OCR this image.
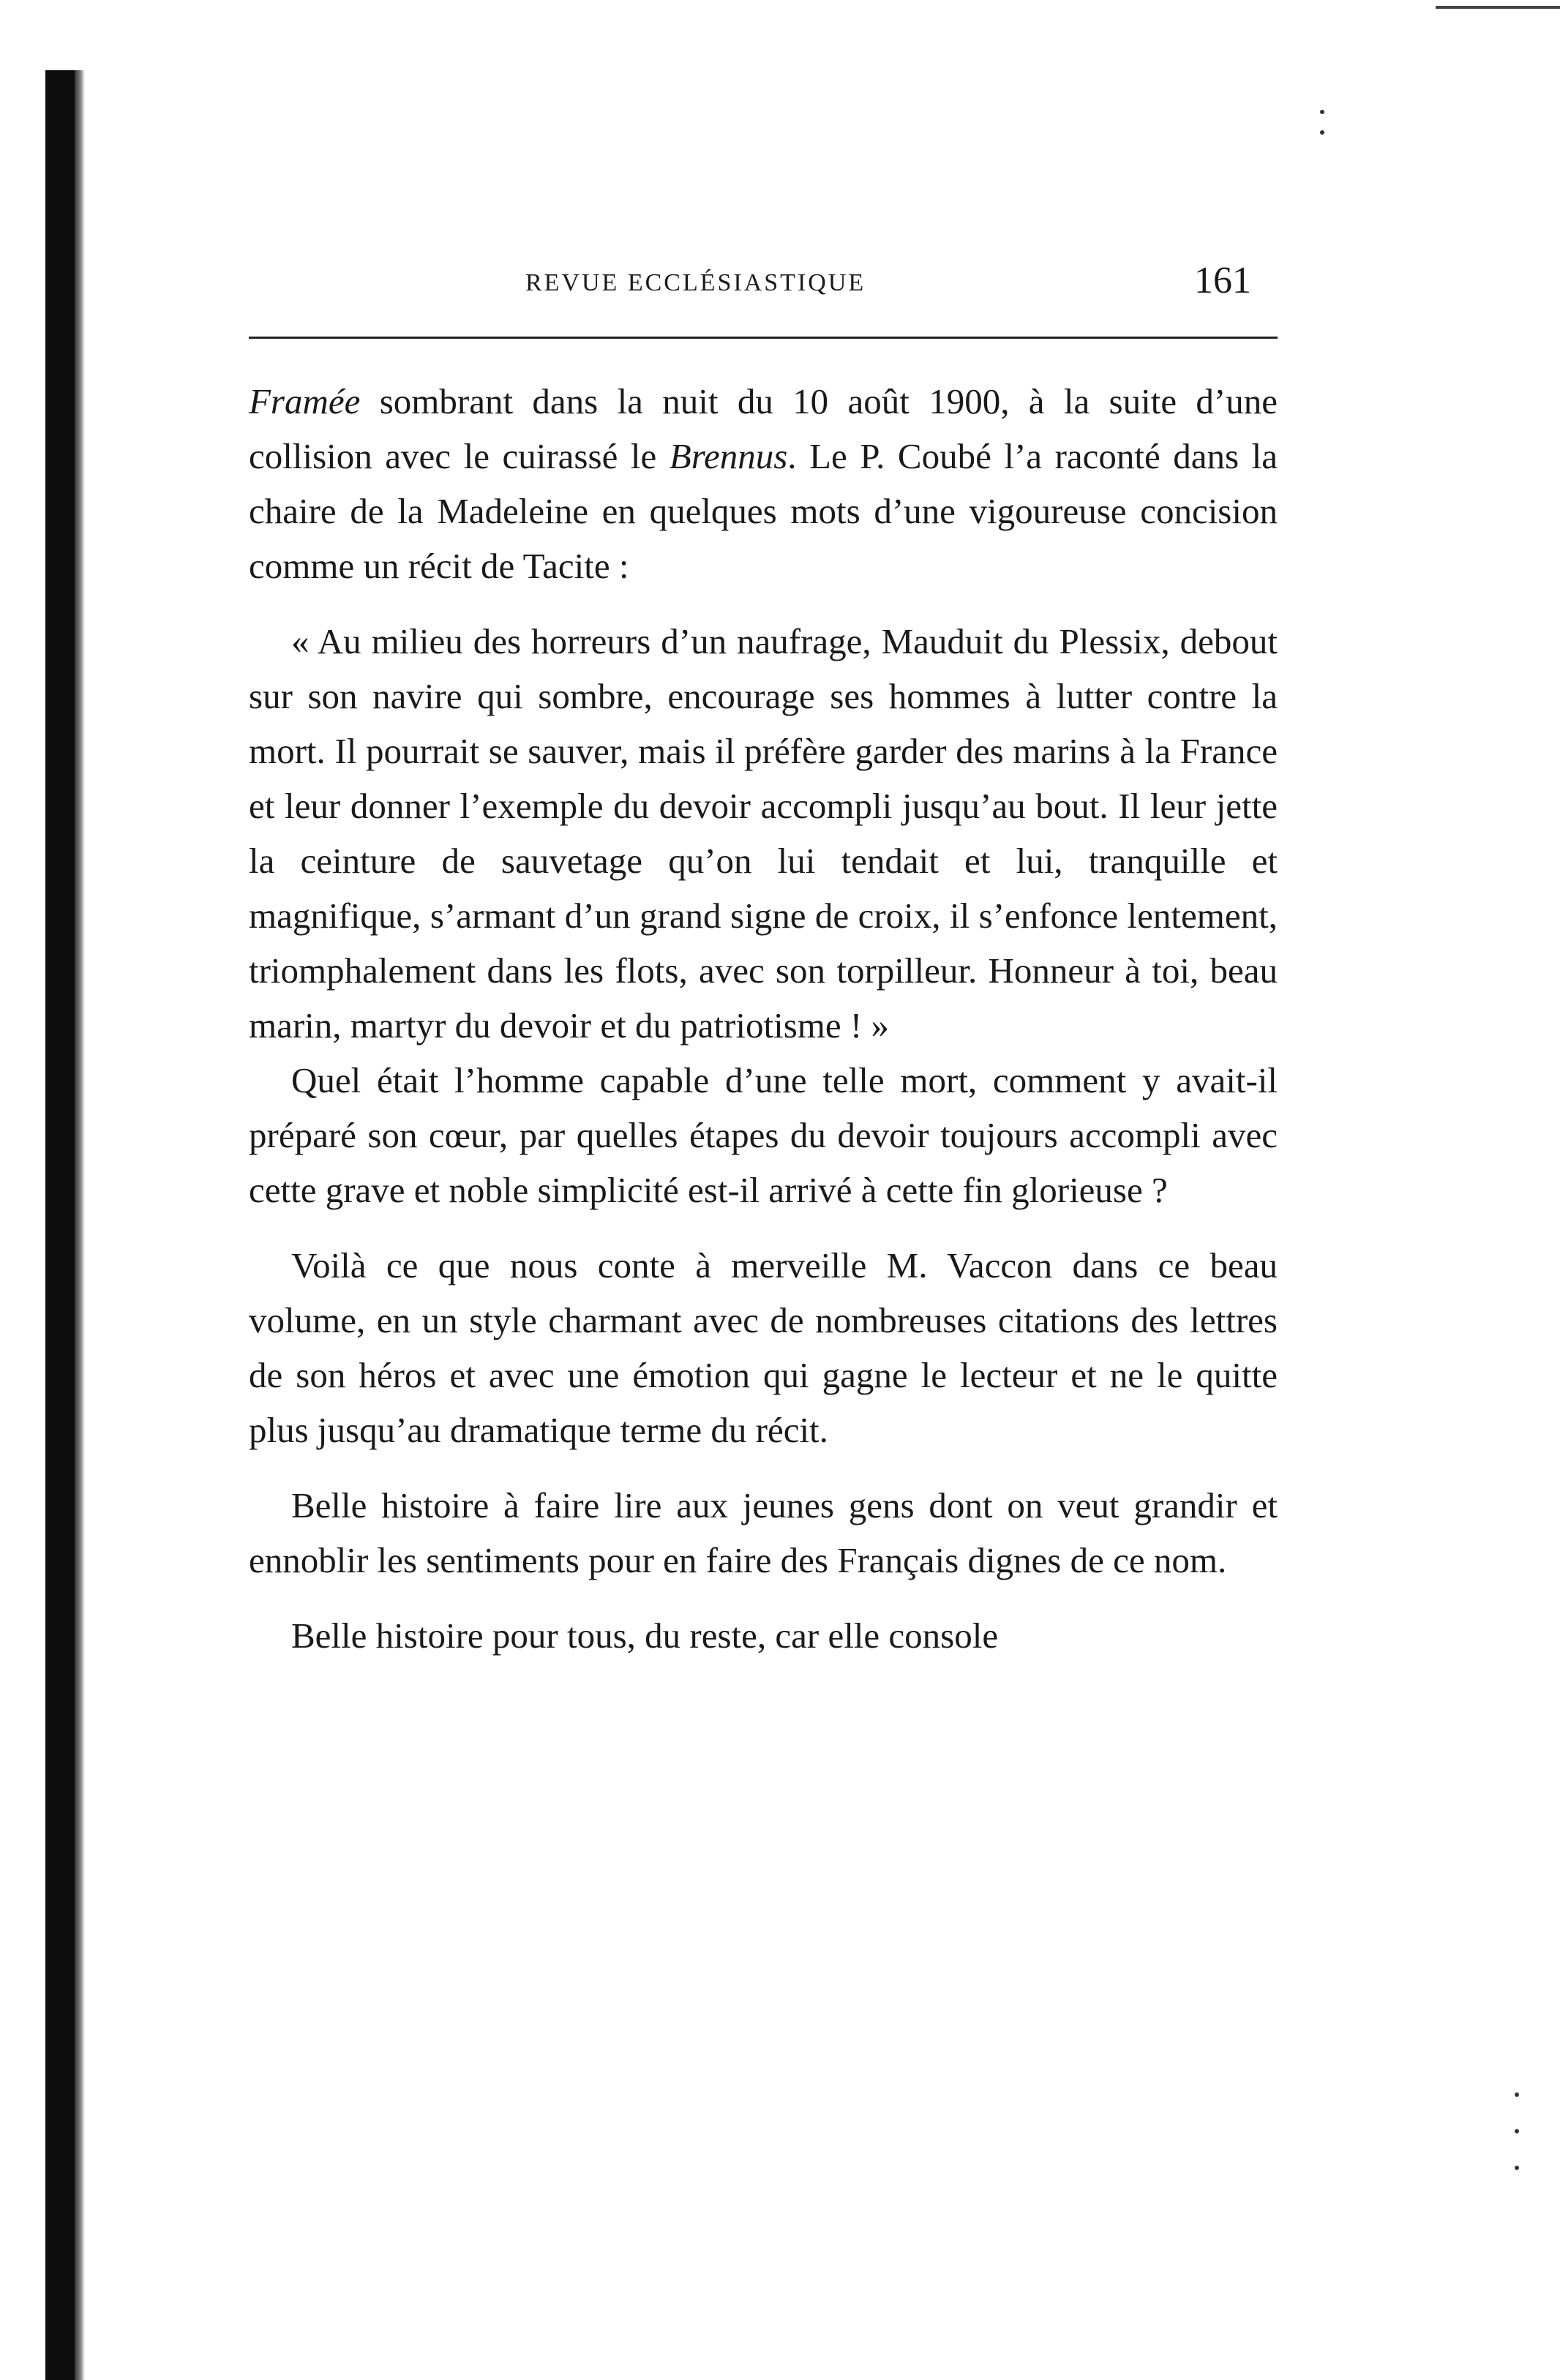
REVUE ECCLÉSIASTIQUE	161

Framée sombrant dans la nuit du 10 août 1900, à la suite d’une collision avec le cuirassé le Brennus. Le P. Coubé l’a raconté dans la chaire de la Madeleine en quelques mots d’une vigoureuse concision comme un récit de Tacite :

« Au milieu des horreurs d’un naufrage, Mauduit du Plessix, debout sur son navire qui sombre, encourage ses hommes à lutter contre la mort. Il pourrait se sauver, mais il préfère garder des marins à la France et leur donner l’exemple du devoir accompli jusqu’au bout. Il leur jette la ceinture de sauvetage qu’on lui tendait et lui, tranquille et magnifique, s’armant d’un grand signe de croix, il s’enfonce lentement, triomphalement dans les flots, avec son torpilleur. Honneur à toi, beau marin, martyr du devoir et du patriotisme ! »

Quel était l’homme capable d’une telle mort, comment y avait-il préparé son cœur, par quelles étapes du devoir toujours accompli avec cette grave et noble simplicité est-il arrivé à cette fin glorieuse ?

Voilà ce que nous conte à merveille M. Vaccon dans ce beau volume, en un style charmant avec de nombreuses citations des lettres de son héros et avec une émotion qui gagne le lecteur et ne le quitte plus jusqu’au dramatique terme du récit.

Belle histoire à faire lire aux jeunes gens dont on veut grandir et ennoblir les sentiments pour en faire des Français dignes de ce nom.

Belle histoire pour tous, du reste, car elle console
